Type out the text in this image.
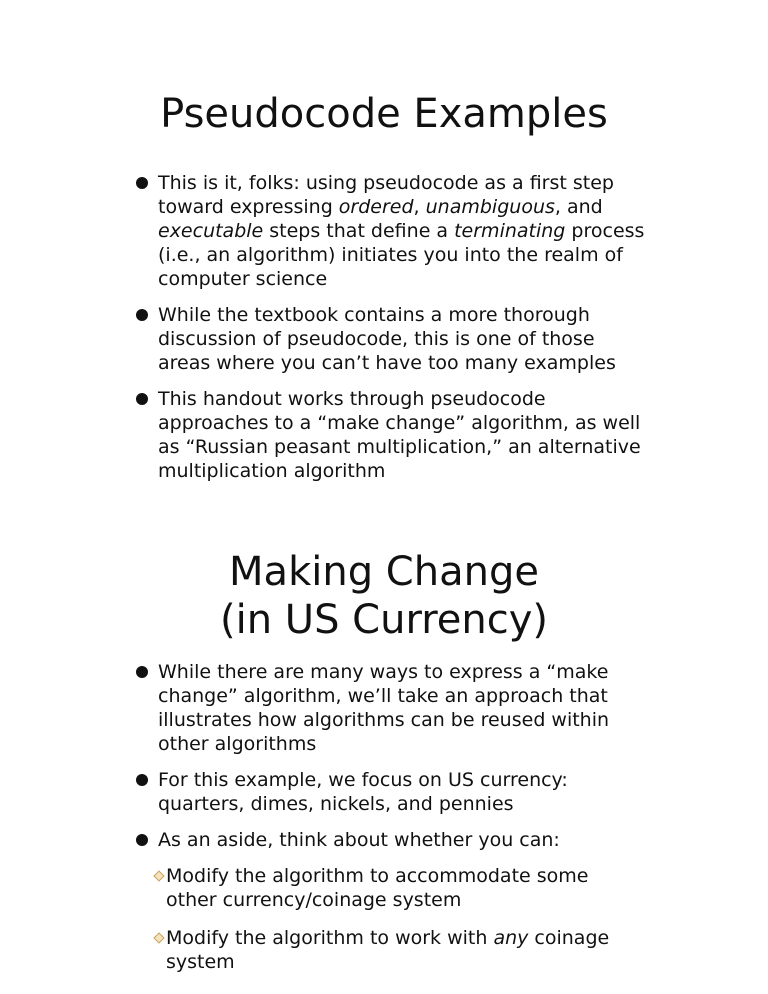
Pseudocode Examples
This is it, folks: using pseudocode as a first step toward expressing ordered, unambiguous, and executable steps that define a terminating process (i.e., an algorithm) initiates you into the realm of computer science
While the textbook contains a more thorough discussion of pseudocode, this is one of those areas where you can’t have too many examples
This handout works through pseudocode approaches to a “make change” algorithm, as well as “Russian peasant multiplication,” an alternative multiplication algorithm
Making Change
(in US Currency)
While there are many ways to express a “make change” algorithm, we’ll take an approach that illustrates how algorithms can be reused within other algorithms
For this example, we focus on US currency: quarters, dimes, nickels, and pennies
As an aside, think about whether you can:
Modify the algorithm to accommodate some other currency/coinage system
Modify the algorithm to work with any coinage system
